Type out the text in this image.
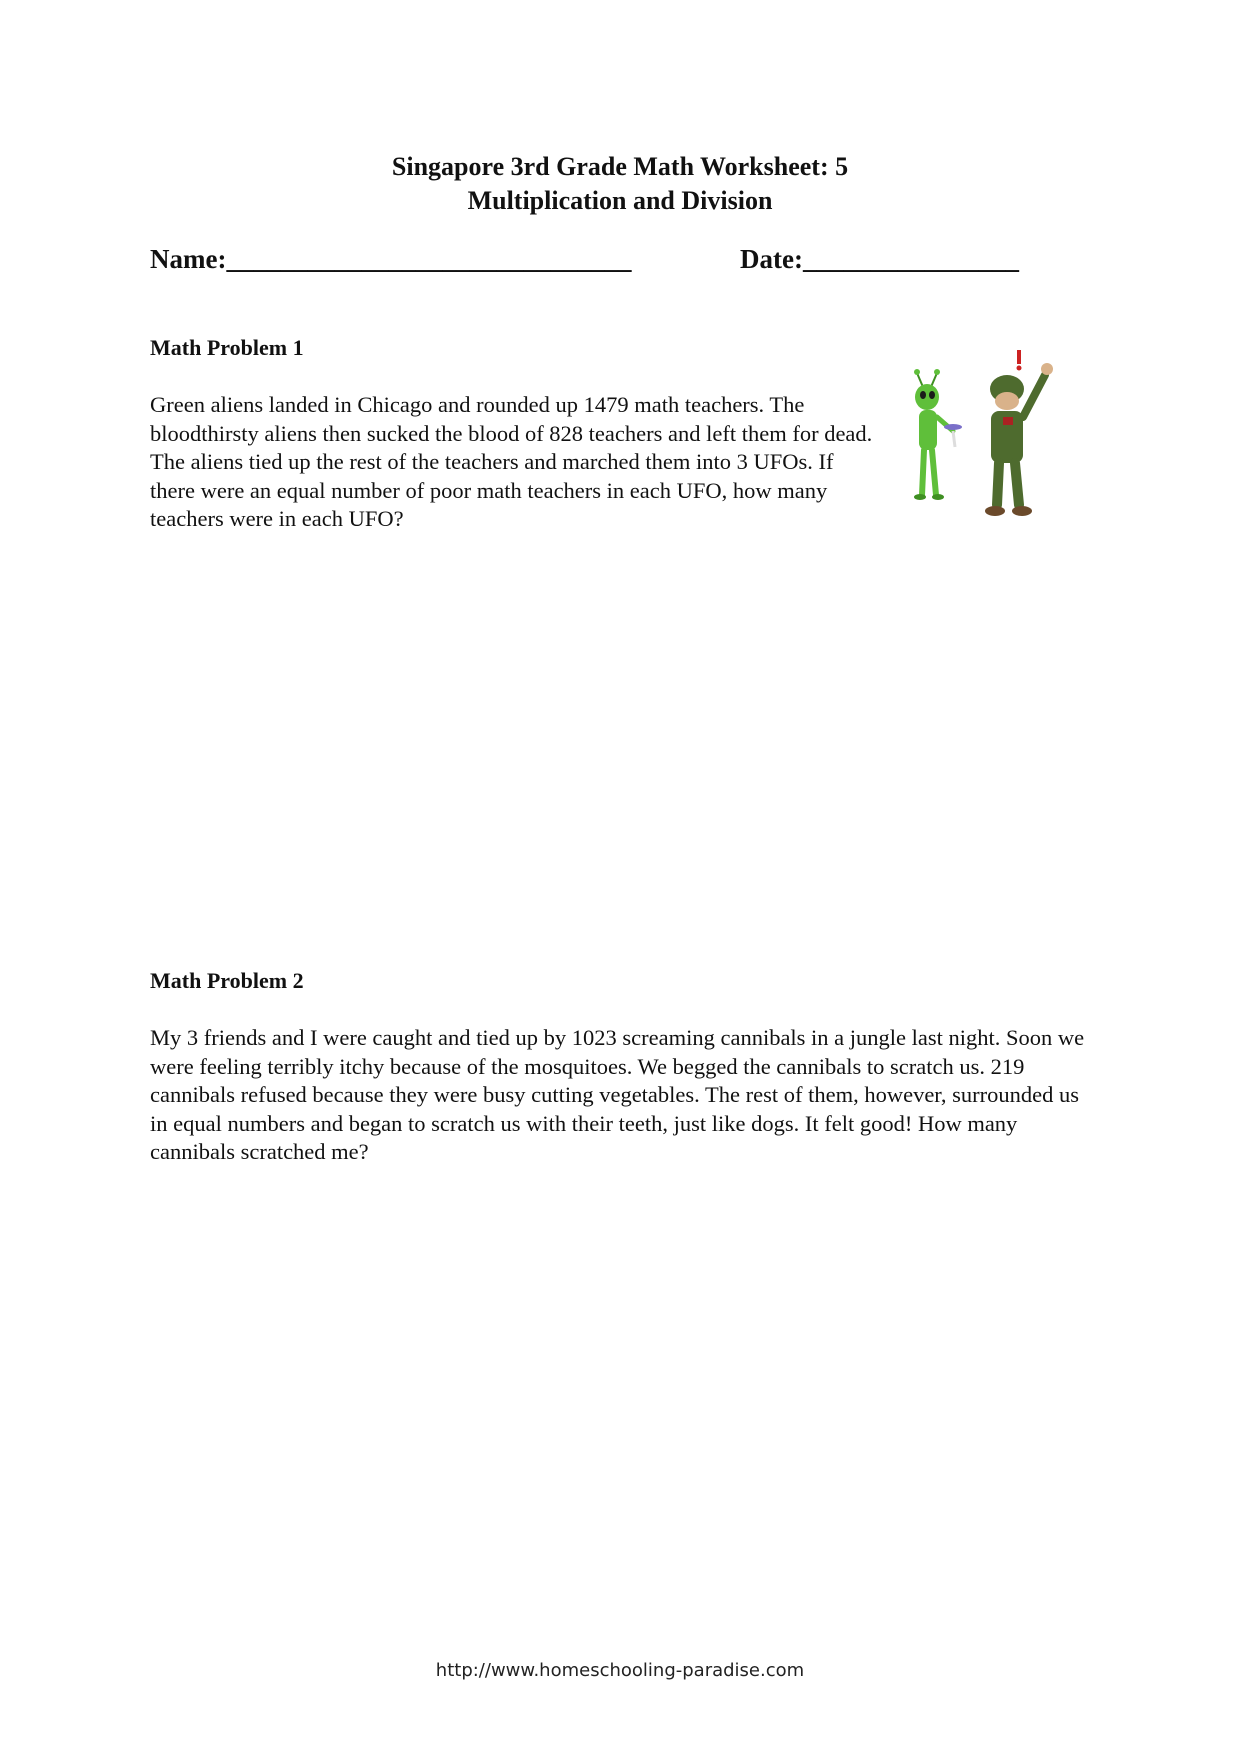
Singapore 3rd Grade Math Worksheet: 5
Multiplication and Division
Name:______________________________	Date:________________
Math Problem 1
Green aliens landed in Chicago and rounded up 1479 math teachers. The bloodthirsty aliens then sucked the blood of 828 teachers and left them for dead. The aliens tied up the rest of the teachers and marched them into 3 UFOs. If there were an equal number of poor math teachers in each UFO, how many teachers were in each UFO?
Math Problem 2
My 3 friends and I were caught and tied up by 1023 screaming cannibals in a jungle last night. Soon we were feeling terribly itchy because of the mosquitoes. We begged the cannibals to scratch us. 219 cannibals refused because they were busy cutting vegetables. The rest of them, however, surrounded us in equal numbers and began to scratch us with their teeth, just like dogs. It felt good! How many cannibals scratched me?
http://www.homeschooling-paradise.com
